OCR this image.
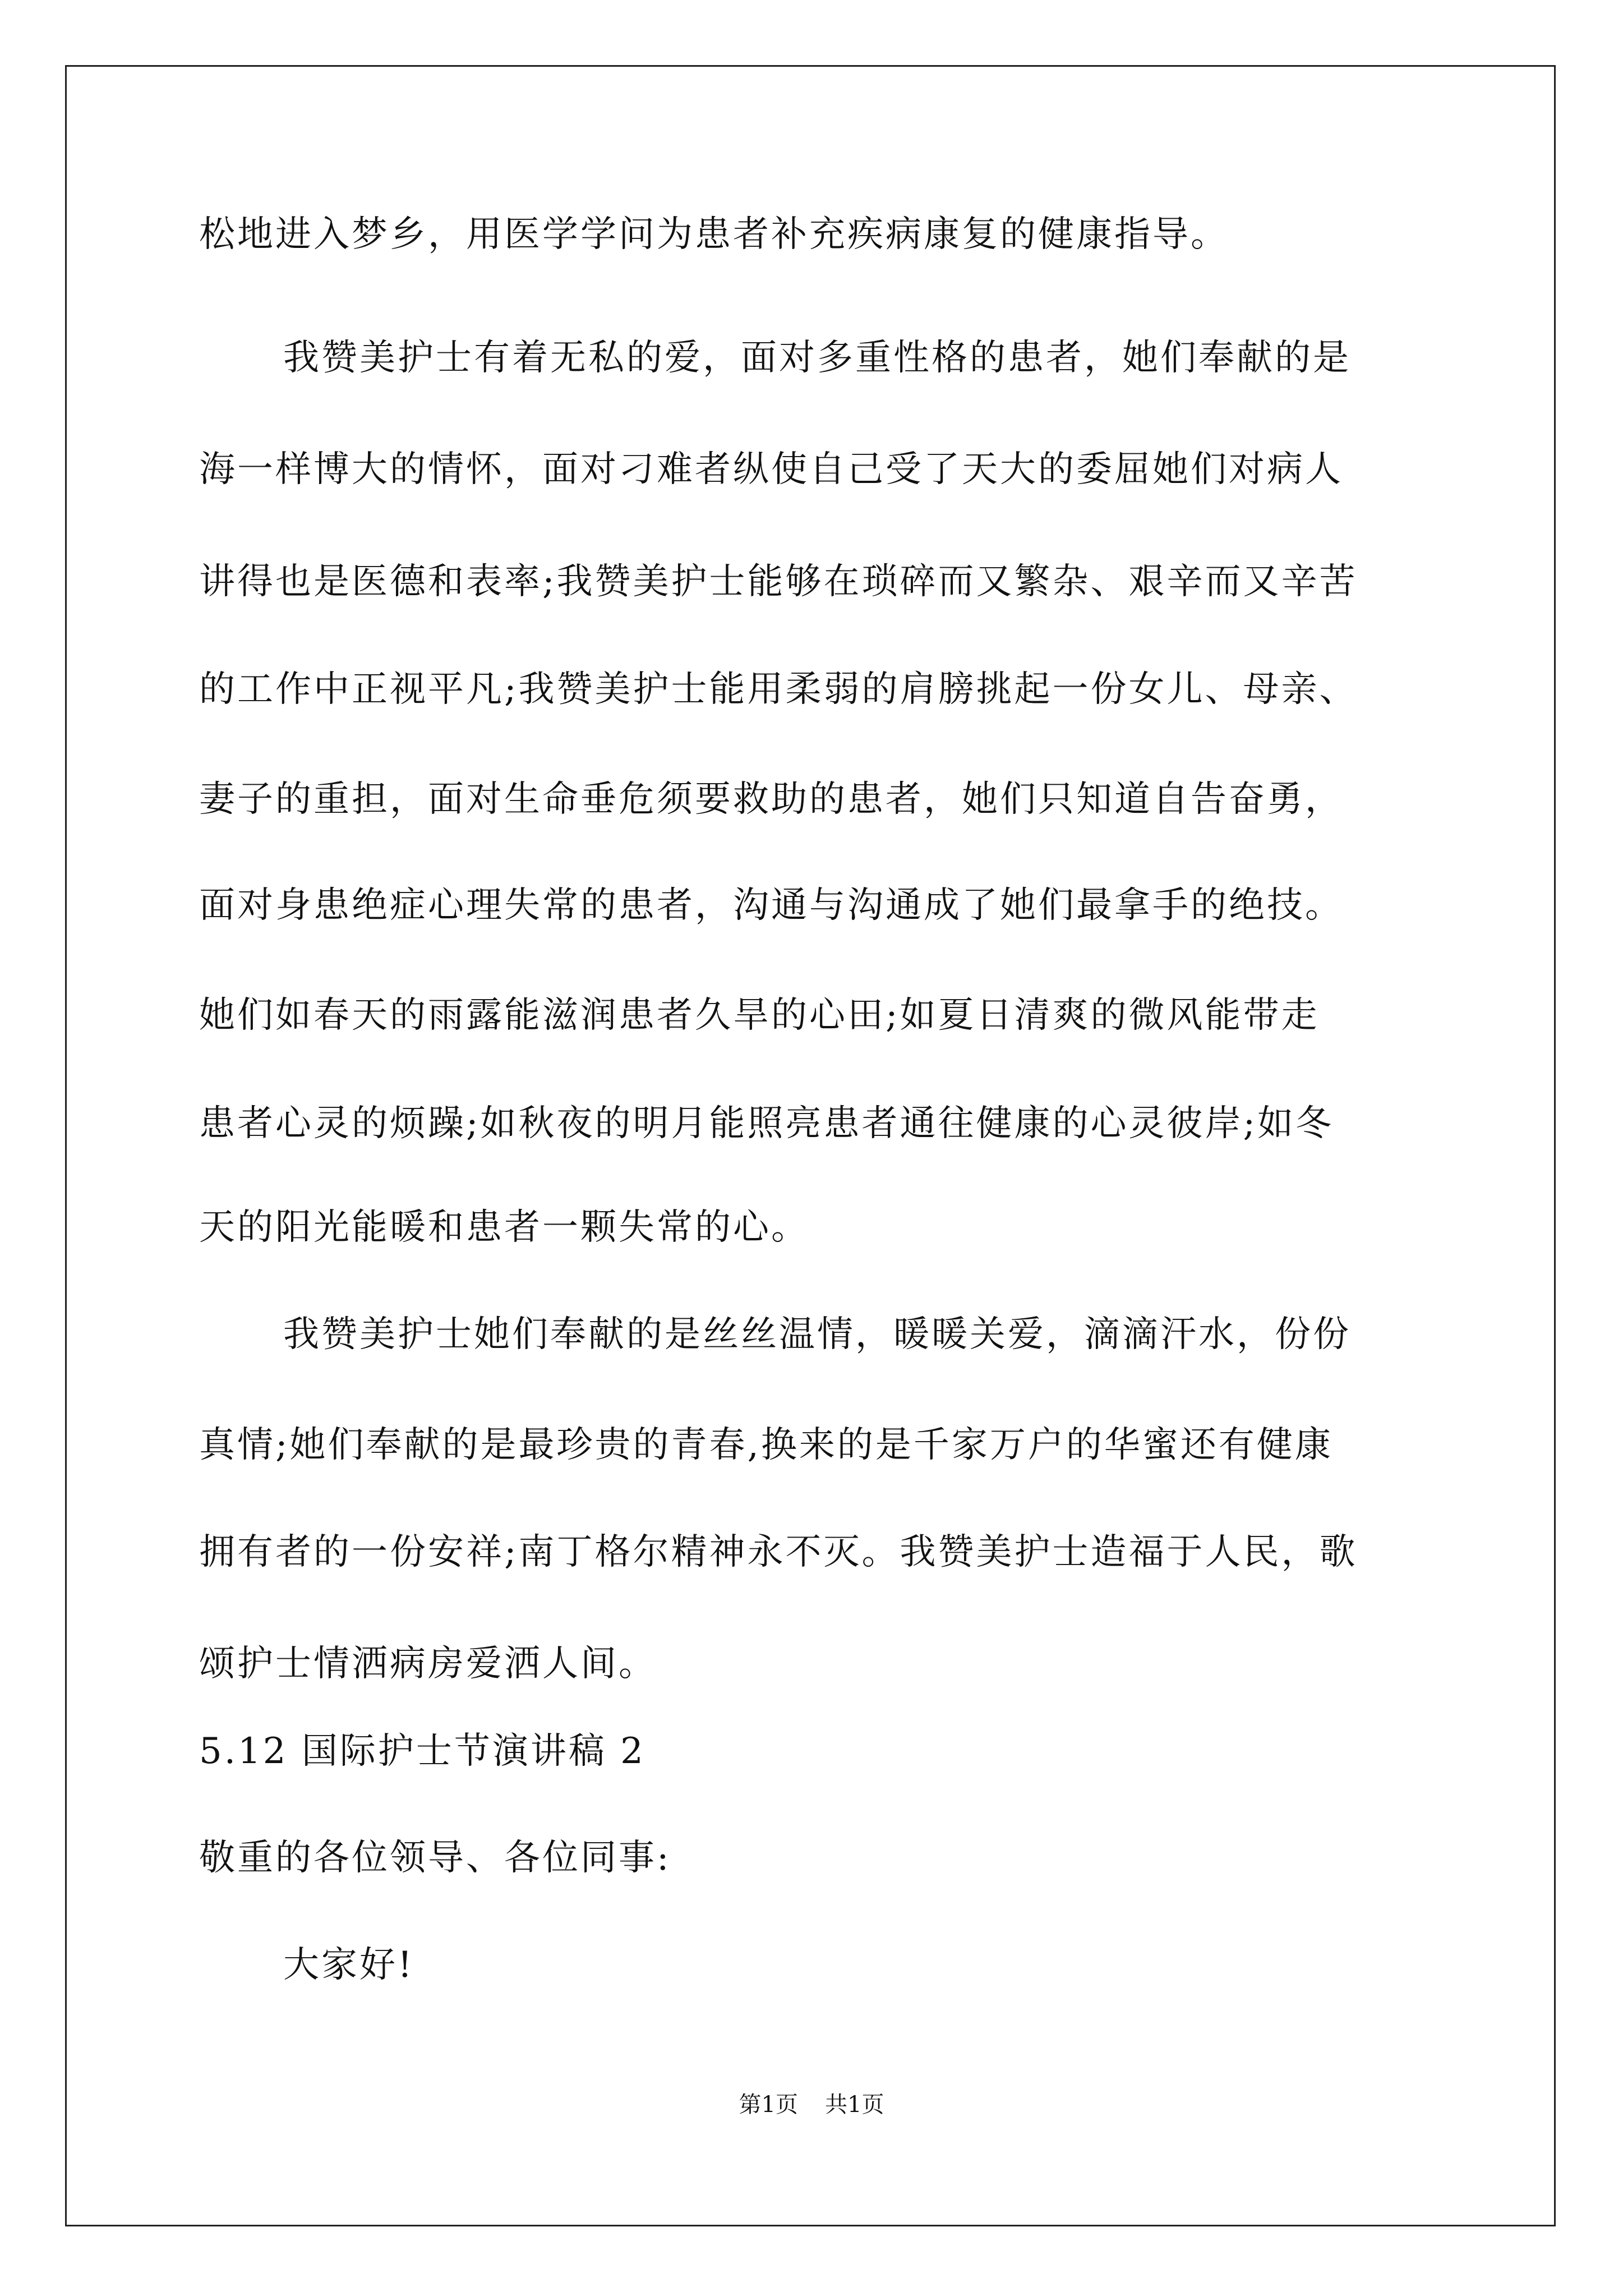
松地进入梦乡，用医学学问为患者补充疾病康复的健康指导。
我赞美护士有着无私的爱，面对多重性格的患者，她们奉献的是
海一样博大的情怀，面对刁难者纵使自己受了天大的委屈她们对病人
讲得也是医德和表率;我赞美护士能够在琐碎而又繁杂、艰辛而又辛苦
的工作中正视平凡;我赞美护士能用柔弱的肩膀挑起一份女儿、母亲、
妻子的重担，面对生命垂危须要救助的患者，她们只知道自告奋勇，
面对身患绝症心理失常的患者，沟通与沟通成了她们最拿手的绝技。
她们如春天的雨露能滋润患者久旱的心田;如夏日清爽的微风能带走
患者心灵的烦躁;如秋夜的明月能照亮患者通往健康的心灵彼岸;如冬
天的阳光能暖和患者一颗失常的心。
我赞美护士她们奉献的是丝丝温情，暖暖关爱，滴滴汗水，份份
真情;她们奉献的是最珍贵的青春,换来的是千家万户的华蜜还有健康
拥有者的一份安祥;南丁格尔精神永不灭。我赞美护士造福于人民，歌
颂护士情洒病房爱洒人间。
5.12 国际护士节演讲稿 2
敬重的各位领导、各位同事:
大家好!
第1页 共1页
